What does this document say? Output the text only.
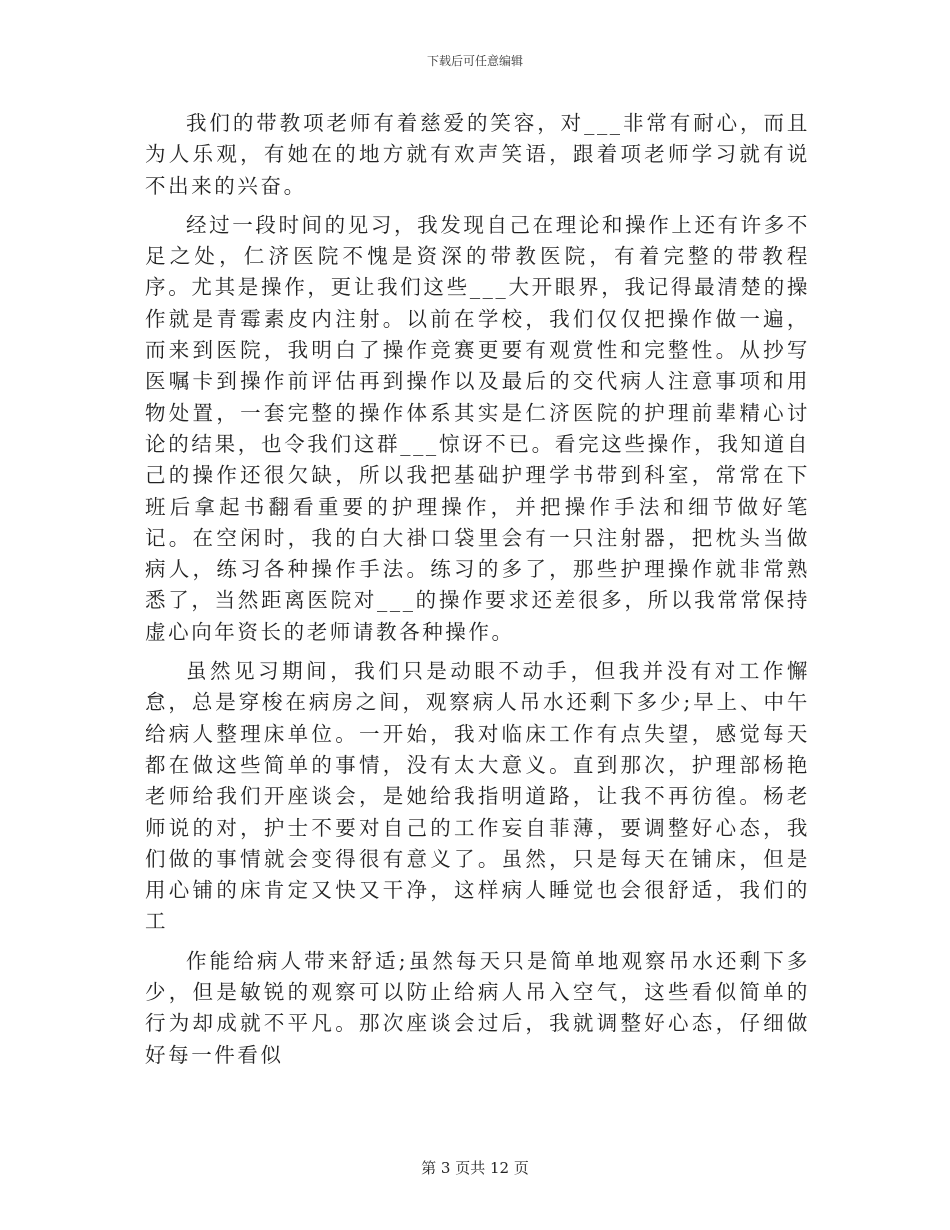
下载后可任意编辑

我们的带教项老师有着慈爱的笑容，对___非常有耐心，而且为人乐观，有她在的地方就有欢声笑语，跟着项老师学习就有说不出来的兴奋。

经过一段时间的见习，我发现自己在理论和操作上还有许多不足之处，仁济医院不愧是资深的带教医院，有着完整的带教程序。尤其是操作，更让我们这些___大开眼界，我记得最清楚的操作就是青霉素皮内注射。以前在学校，我们仅仅把操作做一遍，而来到医院，我明白了操作竞赛更要有观赏性和完整性。从抄写医嘱卡到操作前评估再到操作以及最后的交代病人注意事项和用物处置，一套完整的操作体系其实是仁济医院的护理前辈精心讨论的结果，也令我们这群___惊讶不已。看完这些操作，我知道自己的操作还很欠缺，所以我把基础护理学书带到科室，常常在下班后拿起书翻看重要的护理操作，并把操作手法和细节做好笔记。在空闲时，我的白大褂口袋里会有一只注射器，把枕头当做病人，练习各种操作手法。练习的多了，那些护理操作就非常熟悉了，当然距离医院对___的操作要求还差很多，所以我常常保持虚心向年资长的老师请教各种操作。

虽然见习期间，我们只是动眼不动手，但我并没有对工作懈怠，总是穿梭在病房之间，观察病人吊水还剩下多少;早上、中午给病人整理床单位。一开始，我对临床工作有点失望，感觉每天都在做这些简单的事情，没有太大意义。直到那次，护理部杨艳老师给我们开座谈会，是她给我指明道路，让我不再彷徨。杨老师说的对，护士不要对自己的工作妄自菲薄，要调整好心态，我们做的事情就会变得很有意义了。虽然，只是每天在铺床，但是用心铺的床肯定又快又干净，这样病人睡觉也会很舒适，我们的工

作能给病人带来舒适;虽然每天只是简单地观察吊水还剩下多少，但是敏锐的观察可以防止给病人吊入空气，这些看似简单的行为却成就不平凡。那次座谈会过后，我就调整好心态，仔细做好每一件看似

第 3 页共 12 页
